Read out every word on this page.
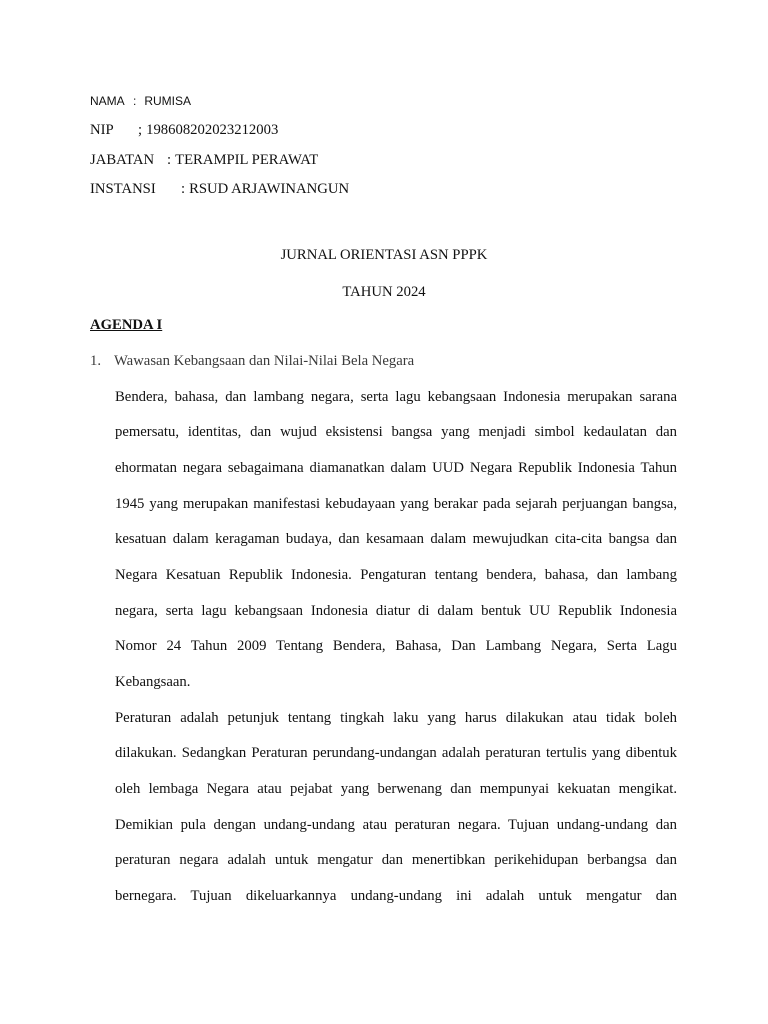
NAMA : RUMISA
NIP ; 198608202023212003
JABATAN : TERAMPIL PERAWAT
INSTANSI : RSUD ARJAWINANGUN
JURNAL ORIENTASI ASN PPPK
TAHUN 2024
AGENDA I
1. Wawasan Kebangsaan dan Nilai-Nilai Bela Negara
Bendera, bahasa, dan lambang negara, serta lagu kebangsaan Indonesia merupakan sarana
pemersatu, identitas, dan wujud eksistensi bangsa yang menjadi simbol kedaulatan dan
ehormatan negara sebagaimana diamanatkan dalam UUD Negara Republik Indonesia Tahun
1945 yang merupakan manifestasi kebudayaan yang berakar pada sejarah perjuangan bangsa,
kesatuan dalam keragaman budaya, dan kesamaan dalam mewujudkan cita-cita bangsa dan
Negara Kesatuan Republik Indonesia. Pengaturan tentang bendera, bahasa, dan lambang
negara, serta lagu kebangsaan Indonesia diatur di dalam bentuk UU Republik Indonesia
Nomor 24 Tahun 2009 Tentang Bendera, Bahasa, Dan Lambang Negara, Serta Lagu
Kebangsaan.
Peraturan adalah petunjuk tentang tingkah laku yang harus dilakukan atau tidak boleh
dilakukan. Sedangkan Peraturan perundang-undangan adalah peraturan tertulis yang dibentuk
oleh lembaga Negara atau pejabat yang berwenang dan mempunyai kekuatan mengikat.
Demikian pula dengan undang-undang atau peraturan negara. Tujuan undang-undang dan
peraturan negara adalah untuk mengatur dan menertibkan perikehidupan berbangsa dan
bernegara. Tujuan dikeluarkannya undang-undang ini adalah untuk mengatur dan
